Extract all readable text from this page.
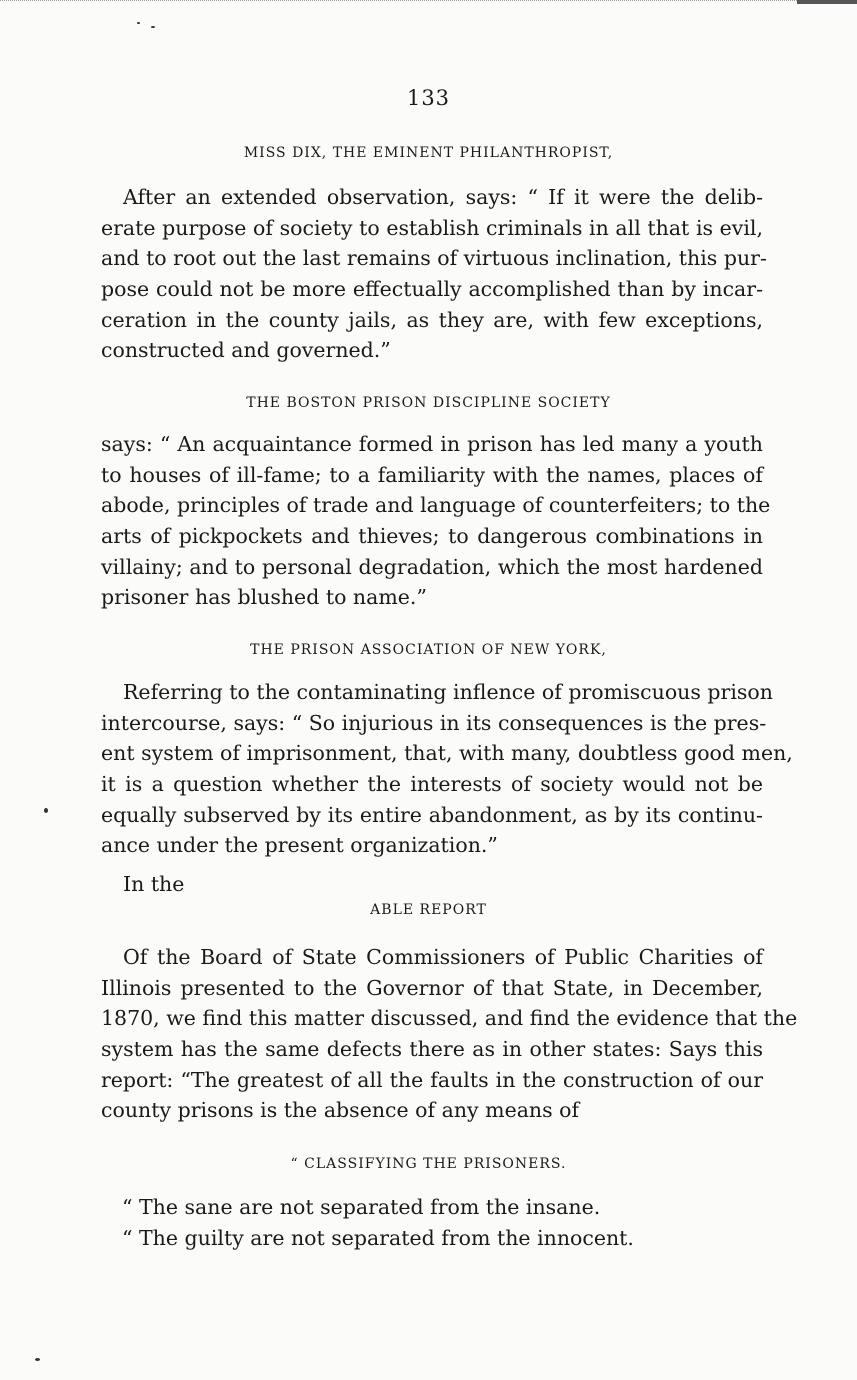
133
MISS DIX, THE EMINENT PHILANTHROPIST,
After an extended observation, says: “ If it were the delib-
erate purpose of society to establish criminals in all that is evil,
and to root out the last remains of virtuous inclination, this pur-
pose could not be more effectually accomplished than by incar-
ceration in the county jails, as they are, with few exceptions,
constructed and governed.”
THE BOSTON PRISON DISCIPLINE SOCIETY
says: “ An acquaintance formed in prison has led many a youth
to houses of ill-fame; to a familiarity with the names, places of
abode, principles of trade and language of counterfeiters; to the
arts of pickpockets and thieves; to dangerous combinations in
villainy; and to personal degradation, which the most hardened
prisoner has blushed to name.”
THE PRISON ASSOCIATION OF NEW YORK,
Referring to the contaminating inflence of promiscuous prison
intercourse, says: “ So injurious in its consequences is the pres-
ent system of imprisonment, that, with many, doubtless good men,
it is a question whether the interests of society would not be
equally subserved by its entire abandonment, as by its continu-
ance under the present organization.”
In the
ABLE REPORT
Of the Board of State Commissioners of Public Charities of
Illinois presented to the Governor of that State, in December,
1870, we find this matter discussed, and find the evidence that the
system has the same defects there as in other states: Says this
report: “The greatest of all the faults in the construction of our
county prisons is the absence of any means of
“ CLASSIFYING THE PRISONERS.
“ The sane are not separated from the insane.
“ The guilty are not separated from the innocent.
